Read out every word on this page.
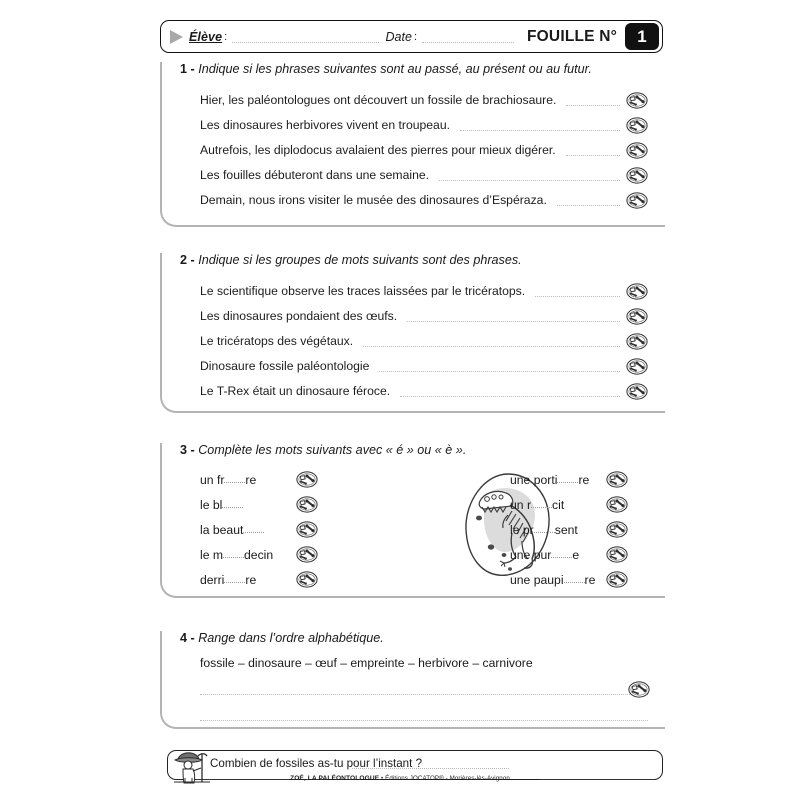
Élève :	Date :	FOUILLE N°	1
1 - Indique si les phrases suivantes sont au passé, au présent ou au futur.
Hier, les paléontologues ont découvert un fossile de brachiosaure.
Les dinosaures herbivores vivent en troupeau.
Autrefois, les diplodocus avalaient des pierres pour mieux digérer.
Les fouilles débuteront dans une semaine.
Demain, nous irons visiter le musée des dinosaures d’Espéraza.
2 - Indique si les groupes de mots suivants sont des phrases.
Le scientifique observe les traces laissées par le tricératops.
Les dinosaures pondaient des œufs.
Le tricératops des végétaux.
Dinosaure fossile paléontologie
Le T-Rex était un dinosaure féroce.
3 - Complète les mots suivants avec « é » ou « è ».
un fr re
le bl
la beaut
le m decin
derri re
une porti re
un r cit
le pr sent
une pur e
une paupi re
4 - Range dans l’ordre alphabétique.
fossile – dinosaure – œuf – empreinte – herbivore – carnivore
Combien de fossiles as-tu pour l’instant ?
ZOÉ, LA PALÉONTOLOGUE • Éditions JOCATOP® - Morières-lès-Avignon
